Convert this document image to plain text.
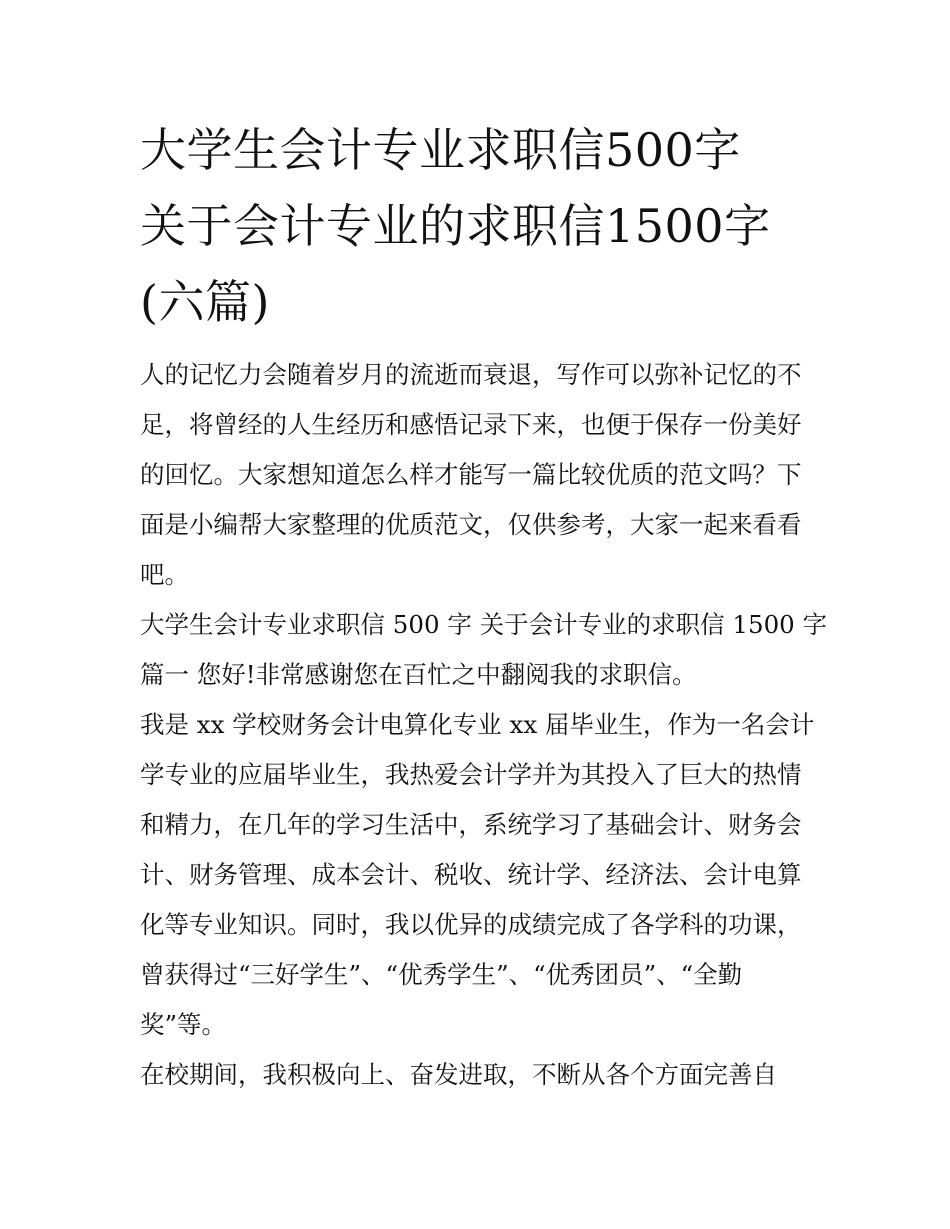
大学生会计专业求职信500字
关于会计专业的求职信1500字
(六篇)

人的记忆力会随着岁月的流逝而衰退，写作可以弥补记忆的不
足，将曾经的人生经历和感悟记录下来，也便于保存一份美好
的回忆。大家想知道怎么样才能写一篇比较优质的范文吗？下
面是小编帮大家整理的优质范文，仅供参考，大家一起来看看
吧。

大学生会计专业求职信 500 字 关于会计专业的求职信 1500 字
篇一 您好!非常感谢您在百忙之中翻阅我的求职信。

我是 xx 学校财务会计电算化专业 xx 届毕业生，作为一名会计
学专业的应届毕业生，我热爱会计学并为其投入了巨大的热情
和精力，在几年的学习生活中，系统学习了基础会计、财务会
计、财务管理、成本会计、税收、统计学、经济法、会计电算
化等专业知识。同时，我以优异的成绩完成了各学科的功课，
曾获得过“三好学生”、“优秀学生”、“优秀团员”、“全勤
奖”等。

在校期间，我积极向上、奋发进取，不断从各个方面完善自
